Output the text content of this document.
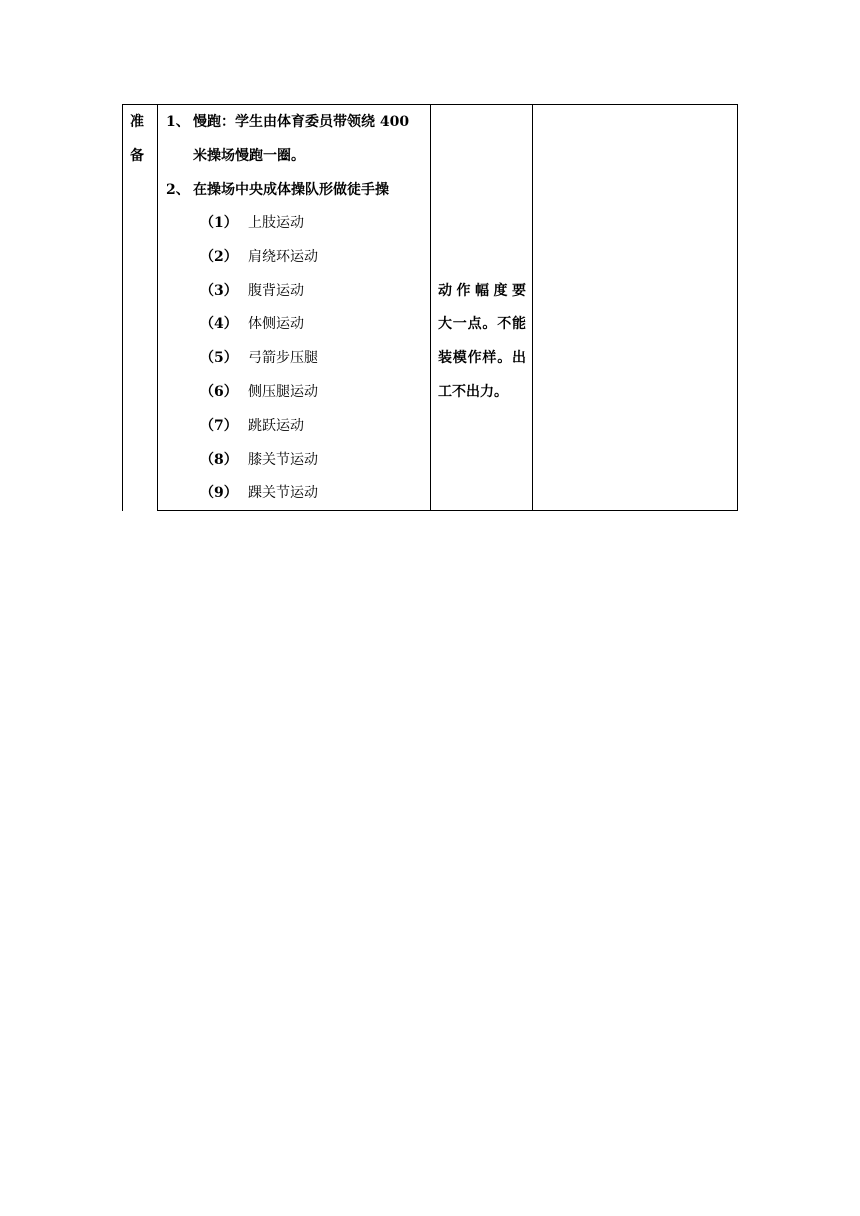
准
备
1、 慢跑：学生由体育委员带领绕 400
米操场慢跑一圈。
2、 在操场中央成体操队形做徒手操
（1） 上肢运动
（2） 肩绕环运动
（3） 腹背运动
（4） 体侧运动
（5） 弓箭步压腿
（6） 侧压腿运动
（7） 跳跃运动
（8） 膝关节运动
（9） 踝关节运动
动作幅度要
大一点。不能
装模作样。出
工不出力。
